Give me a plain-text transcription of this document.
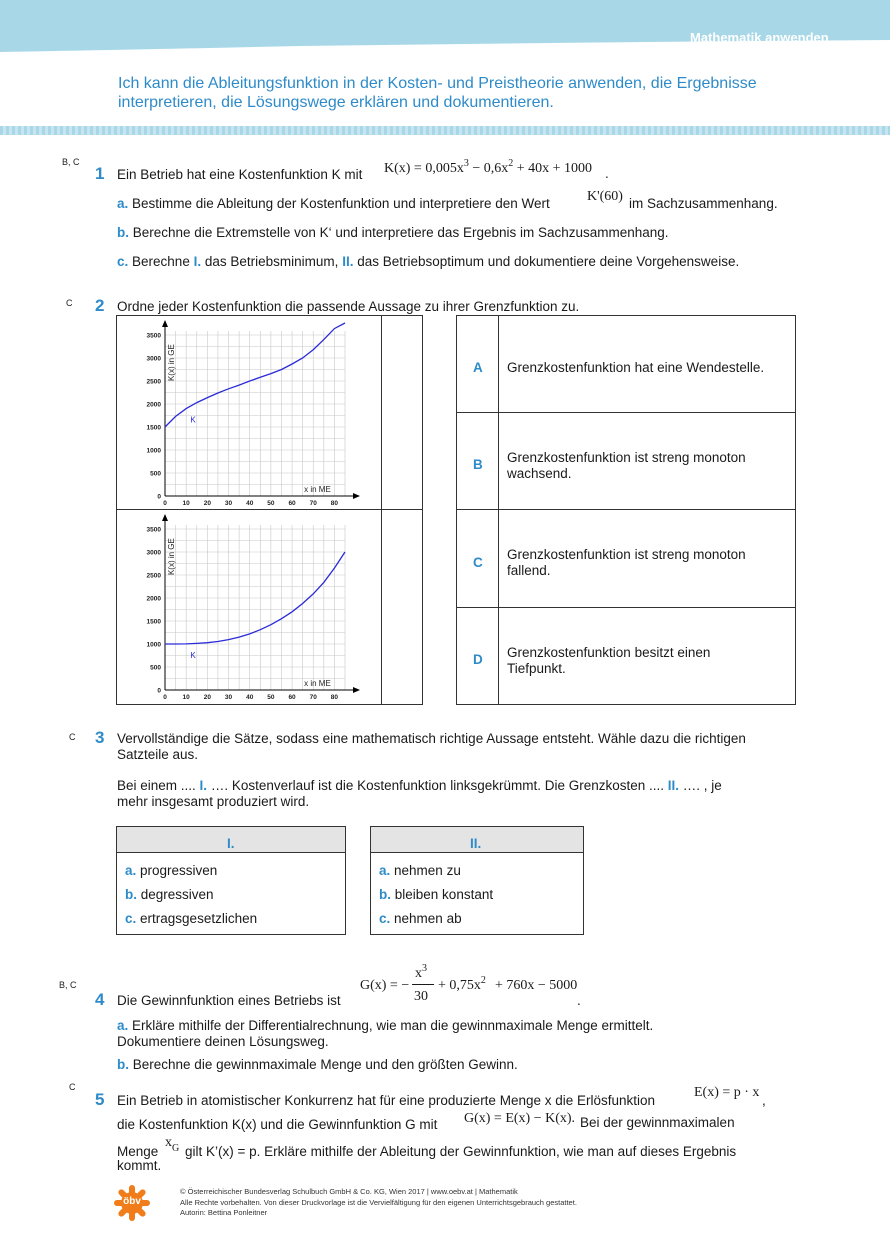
Mathematik anwenden
Ich kann die Ableitungsfunktion in der Kosten- und Preistheorie anwenden, die Ergebnisse
interpretieren, die Lösungswege erklären und dokumentieren.
B, C
1 Ein Betrieb hat eine Kostenfunktion K mit $K(x) = 0,005x^3 - 0,6x^2 + 40x + 1000$ .
a. Bestimme die Ableitung der Kostenfunktion und interpretiere den Wert	K'(60) im Sachzusammenhang.
b. Berechne die Extremstelle von K‘ und interpretiere das Ergebnis im Sachzusammenhang.
c. Berechne I. das Betriebsminimum, II. das Betriebsoptimum und dokumentiere deine Vorgehensweise.
C 2 Ordne jeder Kostenfunktion die passende Aussage zu ihrer Grenzfunktion zu.
0 10 20 30 40 50 60 70 80
0
500
1000
1500
2000
2500
3000
3500
x in ME
K(x) in GE
K
0 10 20 30 40 50 60 70 80
0
500
1000
1500
2000
2500
3000
3500
x in ME
K(x) in GE
K
A Grenzkostenfunktion hat eine Wendestelle.
B Grenzkostenfunktion ist streng monoton
wachsend.
C
Grenzkostenfunktion ist streng monoton
fallend.
D Grenzkostenfunktion besitzt einen
Tiefpunkt.
C 3 Vervollständige die Sätze, sodass eine mathematisch richtige Aussage entsteht. Wähle dazu die richtigen
Satzteile aus.
Bei einem .... I. …. Kostenverlauf ist die Kostenfunktion linksgekrümmt. Die Grenzkosten .... II. …. , je
mehr insgesamt produziert wird.
I.
a. progressiven
b. degressiven
c. ertragsgesetzlichen
II.
a. nehmen zu
b. bleiben konstant
c. nehmen ab
B, C
4 Die Gewinnfunktion eines Betriebs ist
G(x) = −
$x^3$
30
+ $0,75x^2 + 760x - 5000$
.
a. Erkläre mithilfe der Differentialrechnung, wie man die gewinnmaximale Menge ermittelt.
Dokumentiere deinen Lösungsweg.
b. Berechne die gewinnmaximale Menge und den größten Gewinn.
C
5 Ein Betrieb in atomistischer Konkurrenz hat für eine produzierte Menge x die Erlösfunktion
E(x) = p · x
,
die Kostenfunktion K(x) und die Gewinnfunktion G mit G(x) = E(x) − K(x). Bei der gewinnmaximalen
Menge
$x_G$ gilt K’(x) = p. Erkläre mithilfe der Ableitung der Gewinnfunktion, wie man auf dieses Ergebnis
kommt.
öbv
© Österreichischer Bundesverlag Schulbuch GmbH & Co. KG, Wien 2017 | www.oebv.at | Mathematik
Alle Rechte vorbehalten. Von dieser Druckvorlage ist die Vervielfältigung für den eigenen Unterrichtsgebrauch gestattet.
Autorin: Bettina Ponleitner
